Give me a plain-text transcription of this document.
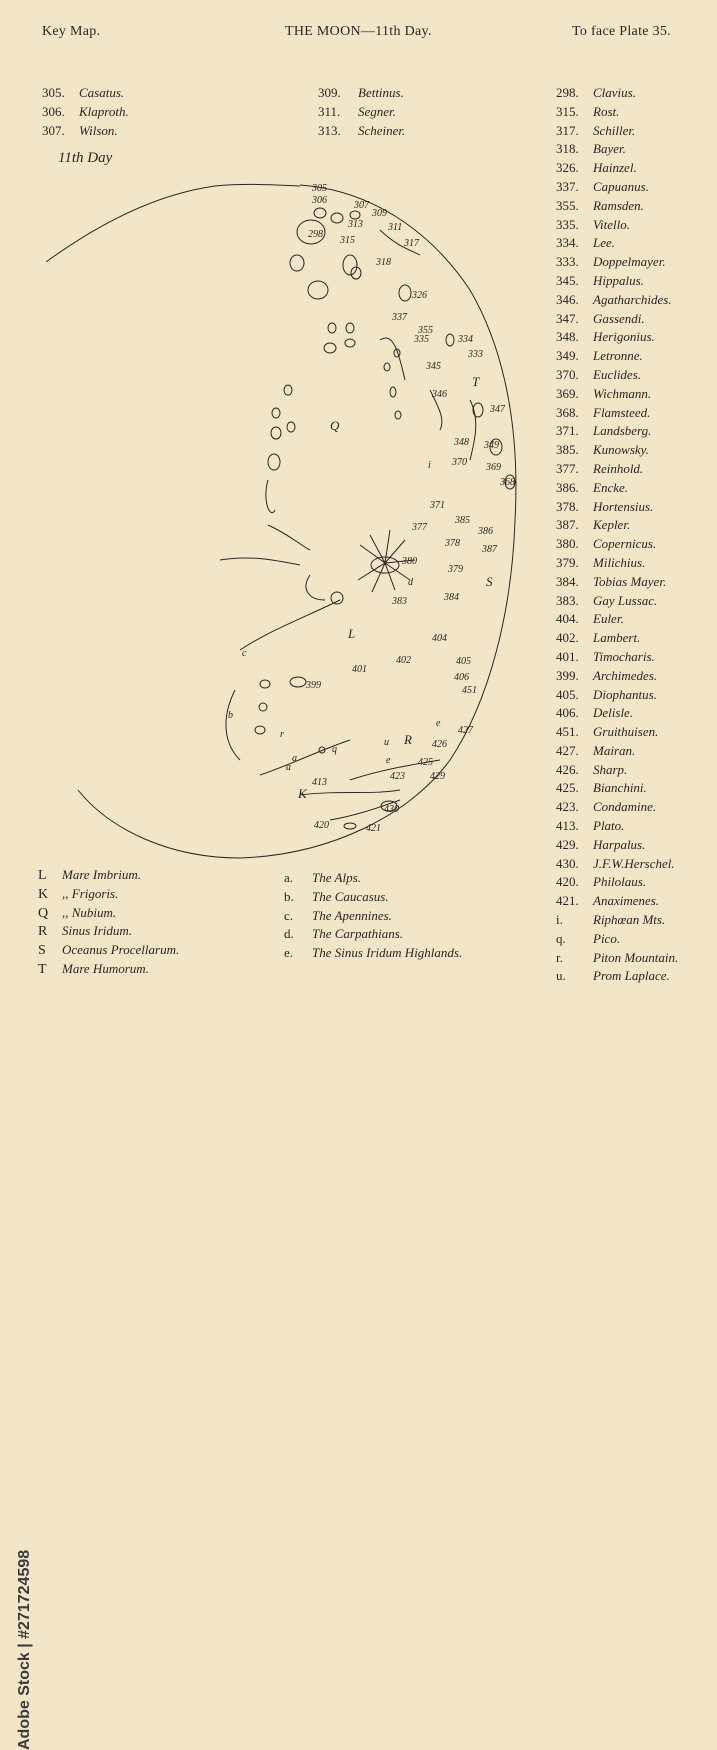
Key Map.	THE MOON—11th Day.	To face Plate 35.
305. Casatus.
306. Klaproth.
307. Wilson.
309. Bettinus.
311. Segner.
313. Scheiner.
298. Clavius.
315. Rost.
317. Schiller.
318. Bayer.
326. Hainzel.
337. Capuanus.
355. Ramsden.
335. Vitello.
334. Lee.
333. Doppelmayer.
345. Hippalus.
346. Agatharchides.
347. Gassendi.
348. Herigonius.
349. Letronne.
370. Euclides.
369. Wichmann.
368. Flamsteed.
371. Landsberg.
385. Kunowsky.
377. Reinhold.
386. Encke.
378. Hortensius.
387. Kepler.
380. Copernicus.
379. Milichius.
384. Tobias Mayer.
383. Gay Lussac.
404. Euler.
402. Lambert.
401. Timocharis.
399. Archimedes.
405. Diophantus.
406. Delisle.
451. Gruithuisen.
427. Mairan.
426. Sharp.
425. Bianchini.
423. Condamine.
413. Plato.
429. Harpalus.
430. J.F.W.Herschel.
420. Philolaus.
421. Anaximenes.
i. Riphœan Mts.
q. Pico.
r. Piton Mountain.
u. Prom Laplace.
11th Day
305
306	307
309
313	311
298
315	317
318
326
337
355
335	334
333
345
346
347
348 349
370 369
368
371
377
385
386
378
387
380
379
383	384
404
402
401
399
405
406
451
427
426
425
423
413
429
420	421
430
Q
T
S
L
R
K
a
a
b
c
d
e
e
q
r
u
i
L Mare Imbrium.
K ,, Frigoris.
Q ,, Nubium.
R Sinus Iridum.
S Oceanus Procellarum.
T Mare Humorum.
a. The Alps.
b. The Caucasus.
c. The Apennines.
d. The Carpathians.
e. The Sinus Iridum Highlands.
Adobe Stock | #271724598
